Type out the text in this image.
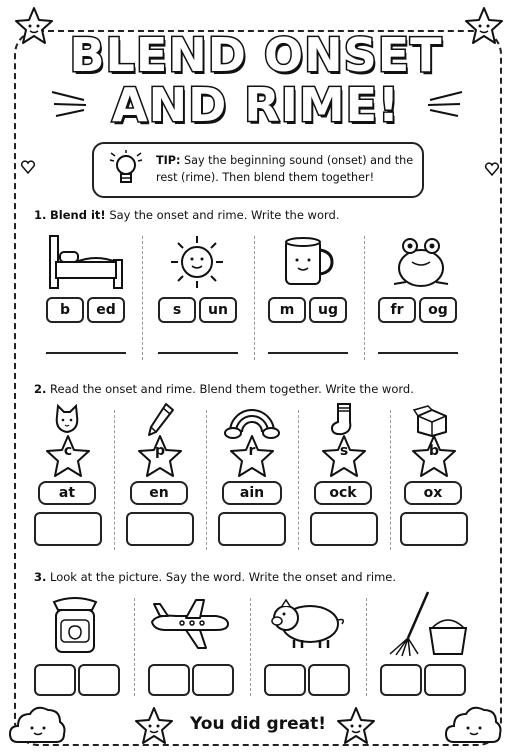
BLEND ONSET
AND RIME!
TIP: Say the beginning sound (onset) and the rest (rime). Then blend them together!
1. Blend it! Say the onset and rime. Write the word.
b	ed	s	un	m	ug	fr	og
2. Read the onset and rime. Blend them together. Write the word.
c	p	r	s	b
at	en	ain	ock	ox
3. Look at the picture. Say the word. Write the onset and rime.
You did great!
